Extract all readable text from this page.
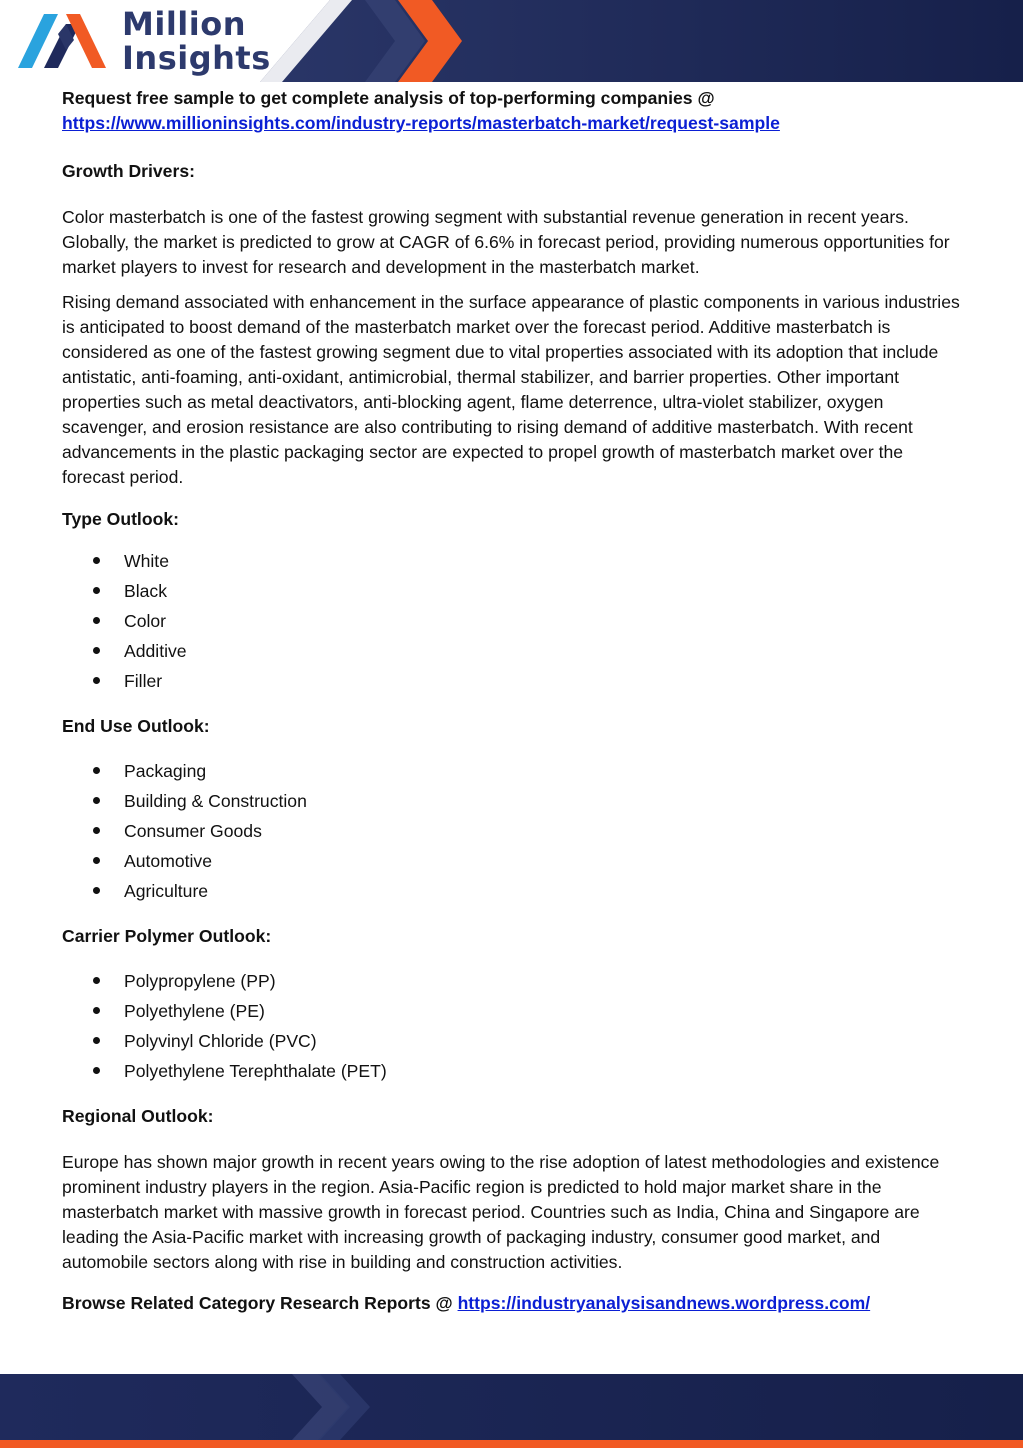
Million
Insights
Request free sample to get complete analysis of top-performing companies @
https://www.millioninsights.com/industry-reports/masterbatch-market/request-sample
Growth Drivers:

Color masterbatch is one of the fastest growing segment with substantial revenue generation in recent years. Globally, the market is predicted to grow at CAGR of 6.6% in forecast period, providing numerous opportunities for market players to invest for research and development in the masterbatch market.

Rising demand associated with enhancement in the surface appearance of plastic components in various industries is anticipated to boost demand of the masterbatch market over the forecast period. Additive masterbatch is considered as one of the fastest growing segment due to vital properties associated with its adoption that include antistatic, anti-foaming, anti-oxidant, antimicrobial, thermal stabilizer, and barrier properties. Other important properties such as metal deactivators, anti-blocking agent, flame deterrence, ultra-violet stabilizer, oxygen scavenger, and erosion resistance are also contributing to rising demand of additive masterbatch. With recent advancements in the plastic packaging sector are expected to propel growth of masterbatch market over the forecast period.

Type Outlook:
White
Black
Color
Additive
Filler
End Use Outlook:
Packaging
Building & Construction
Consumer Goods
Automotive
Agriculture
Carrier Polymer Outlook:
Polypropylene (PP)
Polyethylene (PE)
Polyvinyl Chloride (PVC)
Polyethylene Terephthalate (PET)
Regional Outlook:

Europe has shown major growth in recent years owing to the rise adoption of latest methodologies and existence prominent industry players in the region. Asia-Pacific region is predicted to hold major market share in the masterbatch market with massive growth in forecast period. Countries such as India, China and Singapore are leading the Asia-Pacific market with increasing growth of packaging industry, consumer good market, and automobile sectors along with rise in building and construction activities.

Browse Related Category Research Reports @ https://industryanalysisandnews.wordpress.com/
